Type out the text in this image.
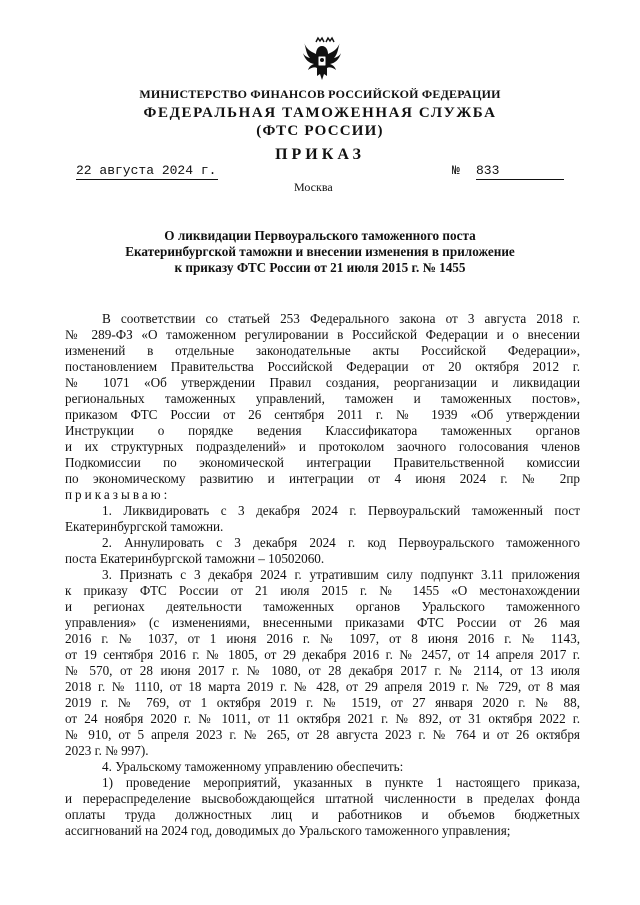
МИНИСТЕРСТВО ФИНАНСОВ РОССИЙСКОЙ ФЕДЕРАЦИИ
ФЕДЕРАЛЬНАЯ ТАМОЖЕННАЯ СЛУЖБА
(ФТС РОССИИ)
ПРИКАЗ
22 августа 2024 г.	№ 833
Москва
О ликвидации Первоуральского таможенного поста
Екатеринбургской таможни и внесении изменения в приложение
к приказу ФТС России от 21 июля 2015 г. № 1455
В соответствии со статьей 253 Федерального закона от 3 августа 2018 г.
№ 289-ФЗ «О таможенном регулировании в Российской Федерации и о внесении
изменений в отдельные законодательные акты Российской Федерации»,
постановлением Правительства Российской Федерации от 20 октября 2012 г.
№ 1071 «Об утверждении Правил создания, реорганизации и ликвидации
региональных таможенных управлений, таможен и таможенных постов»,
приказом ФТС России от 26 сентября 2011 г. № 1939 «Об утверждении
Инструкции о порядке ведения Классификатора таможенных органов
и их структурных подразделений» и протоколом заочного голосования членов
Подкомиссии по экономической интеграции Правительственной комиссии
по экономическому развитию и интеграции от 4 июня 2024 г. № 2пр
приказываю:
1. Ликвидировать с 3 декабря 2024 г. Первоуральский таможенный пост
Екатеринбургской таможни.
2. Аннулировать с 3 декабря 2024 г. код Первоуральского таможенного
поста Екатеринбургской таможни – 10502060.
3. Признать с 3 декабря 2024 г. утратившим силу подпункт 3.11 приложения
к приказу ФТС России от 21 июля 2015 г. № 1455 «О местонахождении
и регионах деятельности таможенных органов Уральского таможенного
управления» (с изменениями, внесенными приказами ФТС России от 26 мая
2016 г. № 1037, от 1 июня 2016 г. № 1097, от 8 июня 2016 г. № 1143,
от 19 сентября 2016 г. № 1805, от 29 декабря 2016 г. № 2457, от 14 апреля 2017 г.
№ 570, от 28 июня 2017 г. № 1080, от 28 декабря 2017 г. № 2114, от 13 июля
2018 г. № 1110, от 18 марта 2019 г. № 428, от 29 апреля 2019 г. № 729, от 8 мая
2019 г. № 769, от 1 октября 2019 г. № 1519, от 27 января 2020 г. № 88,
от 24 ноября 2020 г. № 1011, от 11 октября 2021 г. № 892, от 31 октября 2022 г.
№ 910, от 5 апреля 2023 г. № 265, от 28 августа 2023 г. № 764 и от 26 октября
2023 г. № 997).
4. Уральскому таможенному управлению обеспечить:
1) проведение мероприятий, указанных в пункте 1 настоящего приказа,
и перераспределение высвобождающейся штатной численности в пределах фонда
оплаты труда должностных лиц и работников и объемов бюджетных
ассигнований на 2024 год, доводимых до Уральского таможенного управления;
